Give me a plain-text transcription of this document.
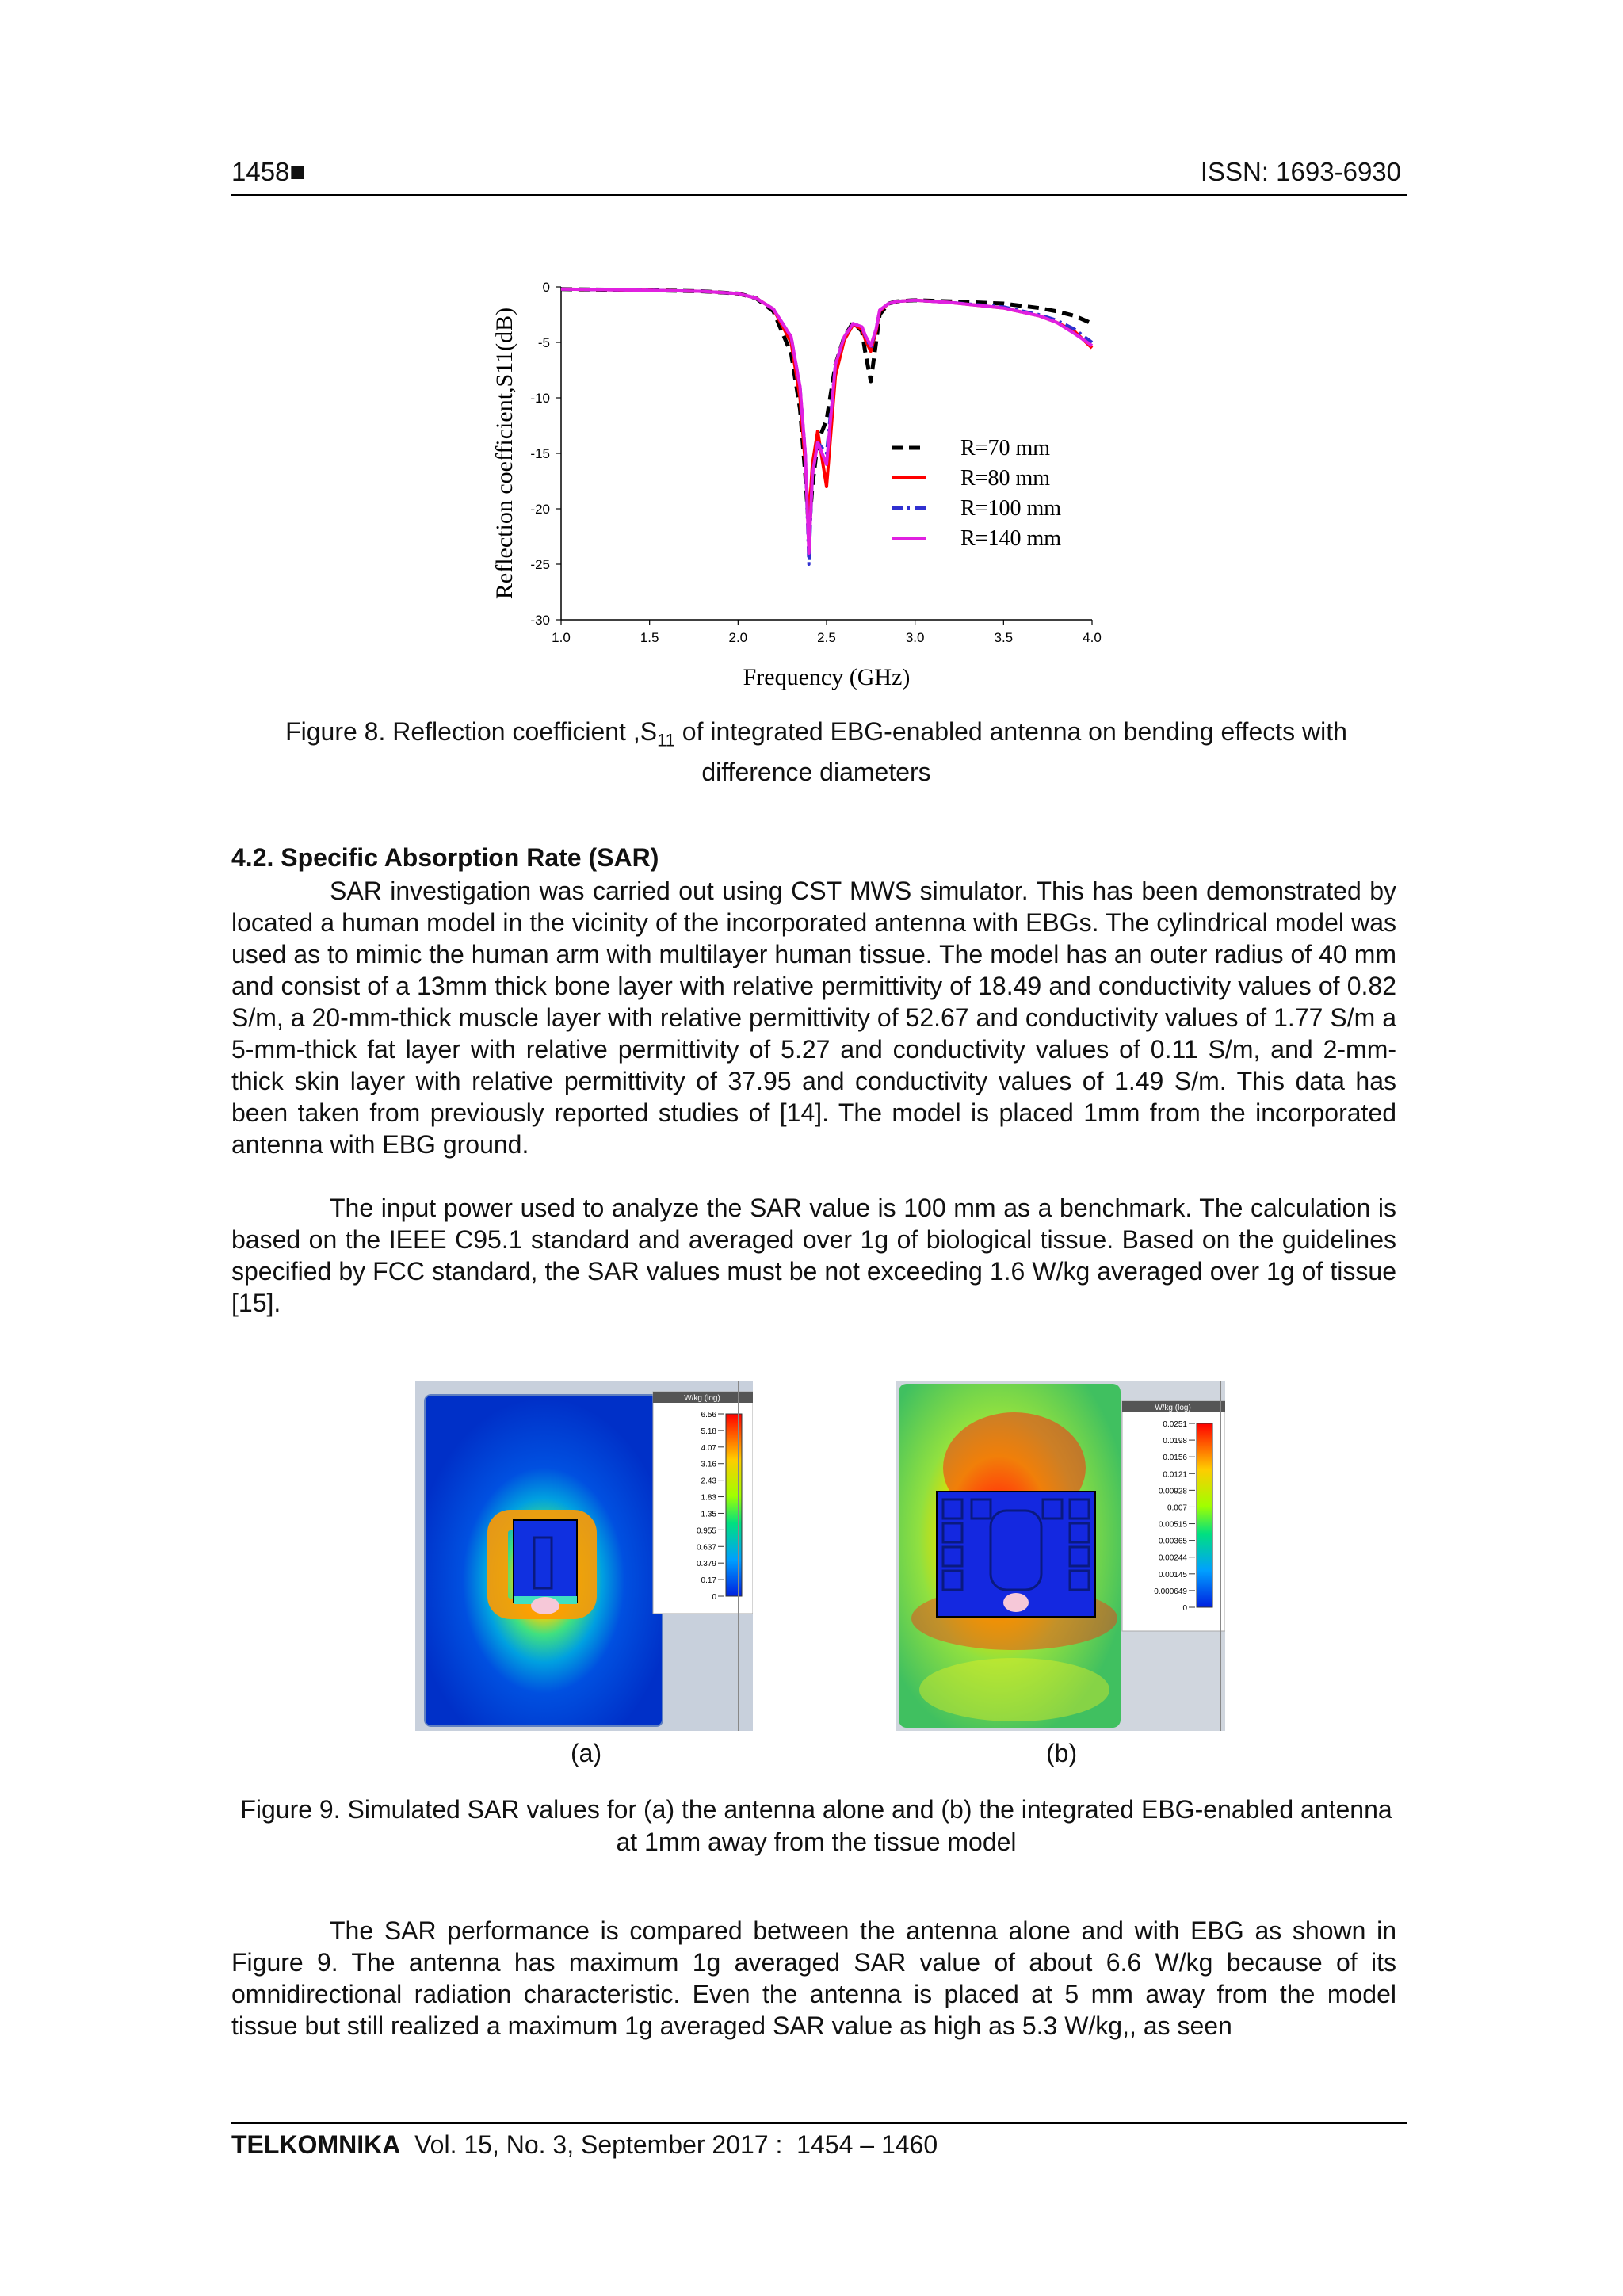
1458■	ISSN: 1693-6930
1.0	1.5	2.0	2.5	3.0	3.5	4.0
0
-5
-10
-15
-20
-25
-30
Frequency (GHz)
Reflection coefficient,S11(dB)	R=70 mm
R=80 mm
R=100 mm
R=140 mm
Figure 8. Reflection coefficient $,S_{11}$ of integrated EBG-enabled antenna on bending effects with difference diameters
4.2. Specific Absorption Rate (SAR)
SAR investigation was carried out using CST MWS simulator. This has been demonstrated by located a human model in the vicinity of the incorporated antenna with EBGs. The cylindrical model was used as to mimic the human arm with multilayer human tissue. The model has an outer radius of 40 mm and consist of a 13mm thick bone layer with relative permittivity of 18.49 and conductivity values of 0.82 S/m, a 20-mm-thick muscle layer with relative permittivity of 52.67 and conductivity values of 1.77 S/m a 5-mm-thick fat layer with relative permittivity of 5.27 and conductivity values of 0.11 S/m, and 2-mm-thick skin layer with relative permittivity of 37.95 and conductivity values of 1.49 S/m. This data has been taken from previously reported studies of [14]. The model is placed 1mm from the incorporated antenna with EBG ground.
The input power used to analyze the SAR value is 100 mm as a benchmark. The calculation is based on the IEEE C95.1 standard and averaged over 1g of biological tissue. Based on the guidelines specified by FCC standard, the SAR values must be not exceeding 1.6 W/kg averaged over 1g of tissue [15].
W/kg (log)
6.56
5.18
4.07
3.16
2.43
1.83
1.35
0.955
0.637
0.379
0.17
0
W/kg (log)
0.0251
0.0198
0.0156
0.0121
0.00928
0.007
0.00515
0.00365
0.00244
0.00145
0.000649
0
(a)	(b)
Figure 9. Simulated SAR values for (a) the antenna alone and (b) the integrated EBG-enabled antenna at 1mm away from the tissue model
The SAR performance is compared between the antenna alone and with EBG as shown in Figure 9. The antenna has maximum 1g averaged SAR value of about 6.6 W/kg because of its omnidirectional radiation characteristic. Even the antenna is placed at 5 mm away from the model tissue but still realized a maximum 1g averaged SAR value as high as 5.3 W/kg,, as seen
TELKOMNIKA  Vol. 15, No. 3, September 2017 :  1454 – 1460
